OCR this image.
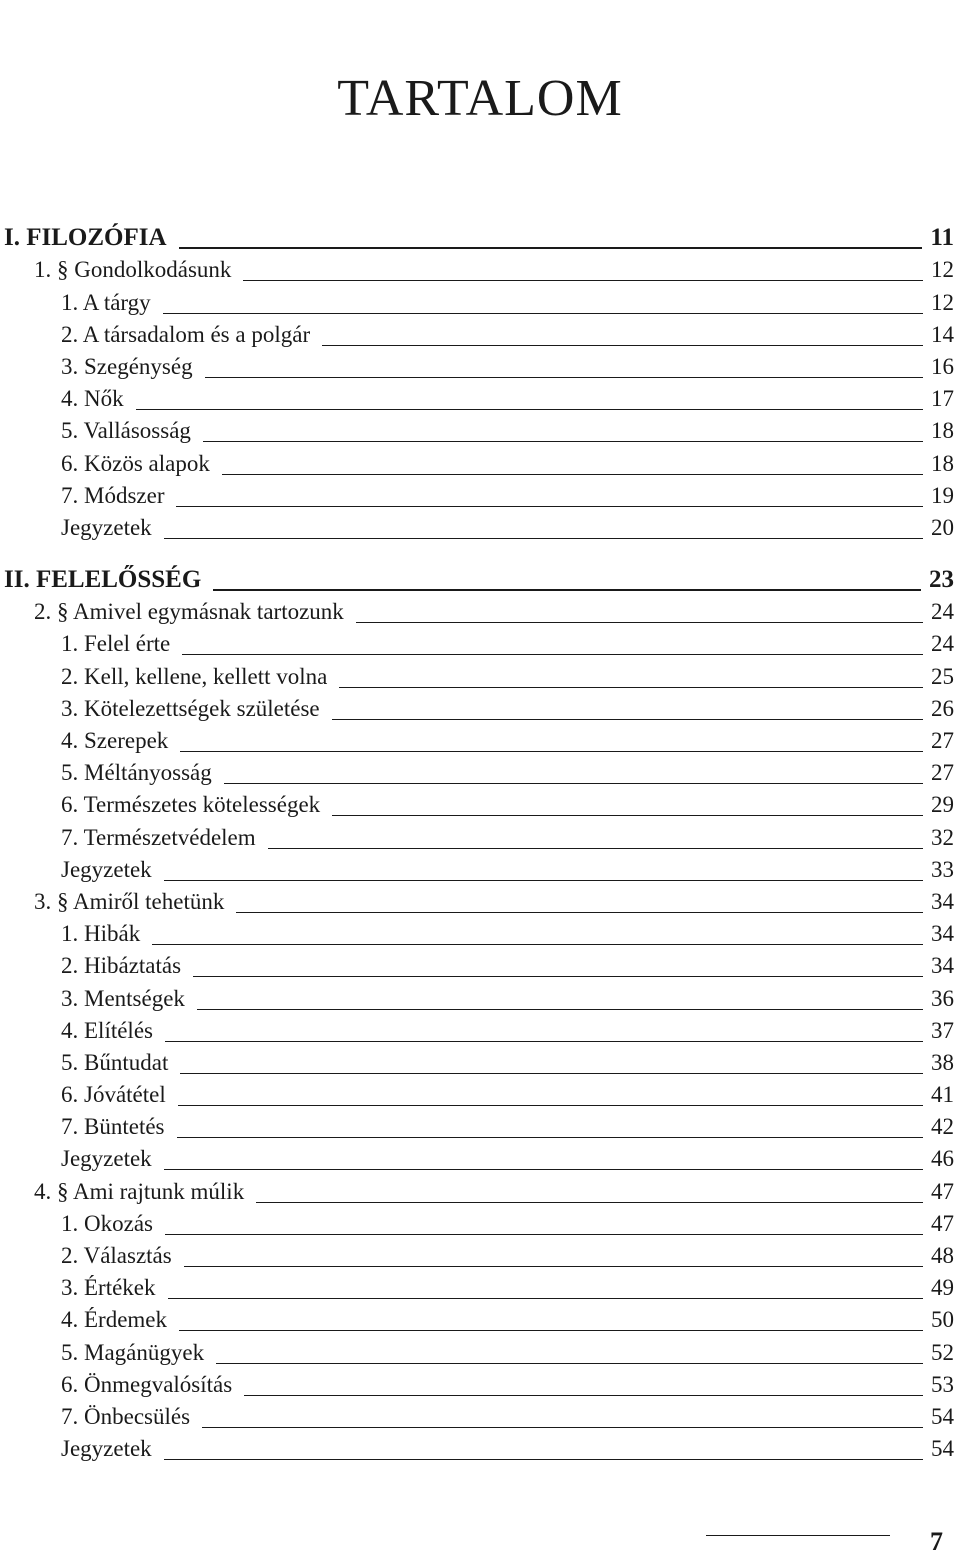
TARTALOM
I. FILOZÓFIA	11
1. § Gondolkodásunk	12
1. A tárgy	12
2. A társadalom és a polgár	14
3. Szegénység	16
4. Nők	17
5. Vallásosság	18
6. Közös alapok	18
7. Módszer	19
Jegyzetek	20
II. FELELŐSSÉG	23
2. § Amivel egymásnak tartozunk	24
1. Felel érte	24
2. Kell, kellene, kellett volna	25
3. Kötelezettségek születése	26
4. Szerepek	27
5. Méltányosság	27
6. Természetes kötelességek	29
7. Természetvédelem	32
Jegyzetek	33
3. § Amiről tehetünk	34
1. Hibák	34
2. Hibáztatás	34
3. Mentségek	36
4. Elítélés	37
5. Bűntudat	38
6. Jóvátétel	41
7. Büntetés	42
Jegyzetek	46
4. § Ami rajtunk múlik	47
1. Okozás	47
2. Választás	48
3. Értékek	49
4. Érdemek	50
5. Magánügyek	52
6. Önmegvalósítás	53
7. Önbecsülés	54
Jegyzetek	54
7
